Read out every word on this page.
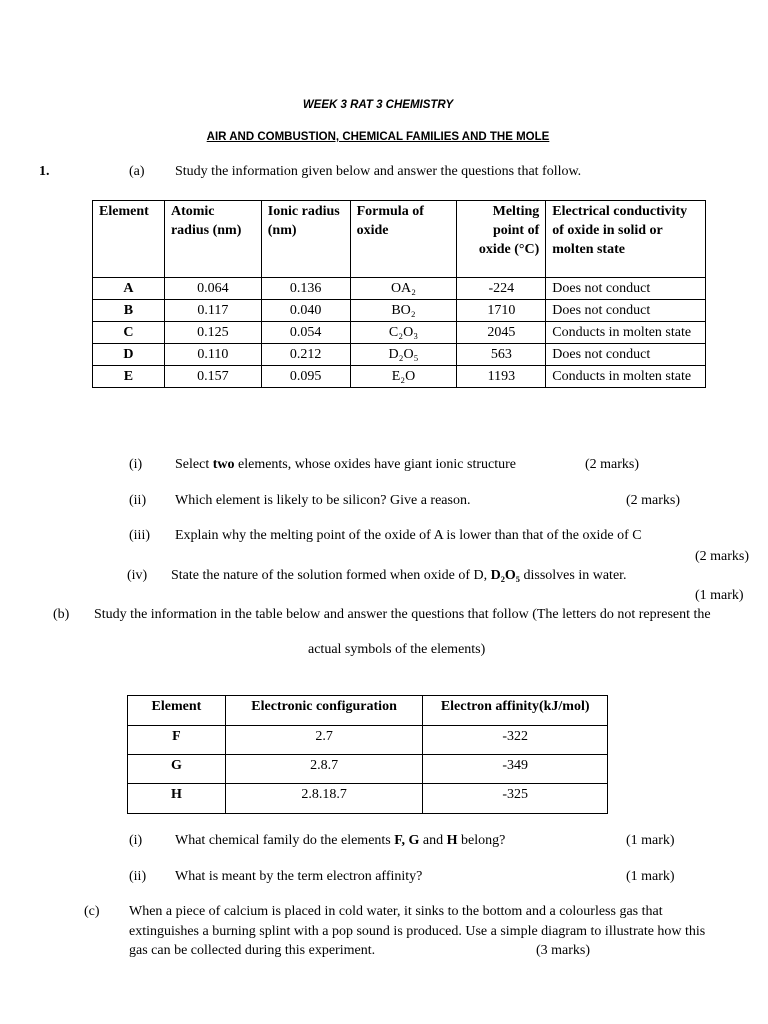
WEEK 3 RAT 3 CHEMISTRY
AIR AND COMBUSTION, CHEMICAL FAMILIES AND THE MOLE
1.	(a) Study the information given below and answer the questions that follow.
Element	Atomic radius (nm)	Ionic radius (nm)	Formula of oxide	Melting point of oxide (°C)	Electrical conductivity of oxide in solid or molten state
A	0.064	0.136	OA₂	-224	Does not conduct
B	0.117	0.040	BO₂	1710	Does not conduct
C	0.125	0.054	C₂O₃	2045	Conducts in molten state
D	0.110	0.212	D₂O₅	563	Does not conduct
E	0.157	0.095	E₂O	1193	Conducts in molten state
(i) Select two elements, whose oxides have giant ionic structure	(2 marks)
(ii) Which element is likely to be silicon? Give a reason.	(2 marks)
(iii) Explain why the melting point of the oxide of A is lower than that of the oxide of C
(2 marks)
(iv) State the nature of the solution formed when oxide of D, D₂O₅ dissolves in water.
(1 mark)
(b) Study the information in the table below and answer the questions that follow (The letters do not represent the
actual symbols of the elements)
Element	Electronic configuration	Electron affinity(kJ/mol)
F	2.7	-322
G	2.8.7	-349
H	2.8.18.7	-325
(i) What chemical family do the elements F, G and H belong?	(1 mark)
(ii) What is meant by the term electron affinity?	(1 mark)
(c) When a piece of calcium is placed in cold water, it sinks to the bottom and a colourless gas that
extinguishes a burning splint with a pop sound is produced. Use a simple diagram to illustrate how this
gas can be collected during this experiment.	(3 marks)
